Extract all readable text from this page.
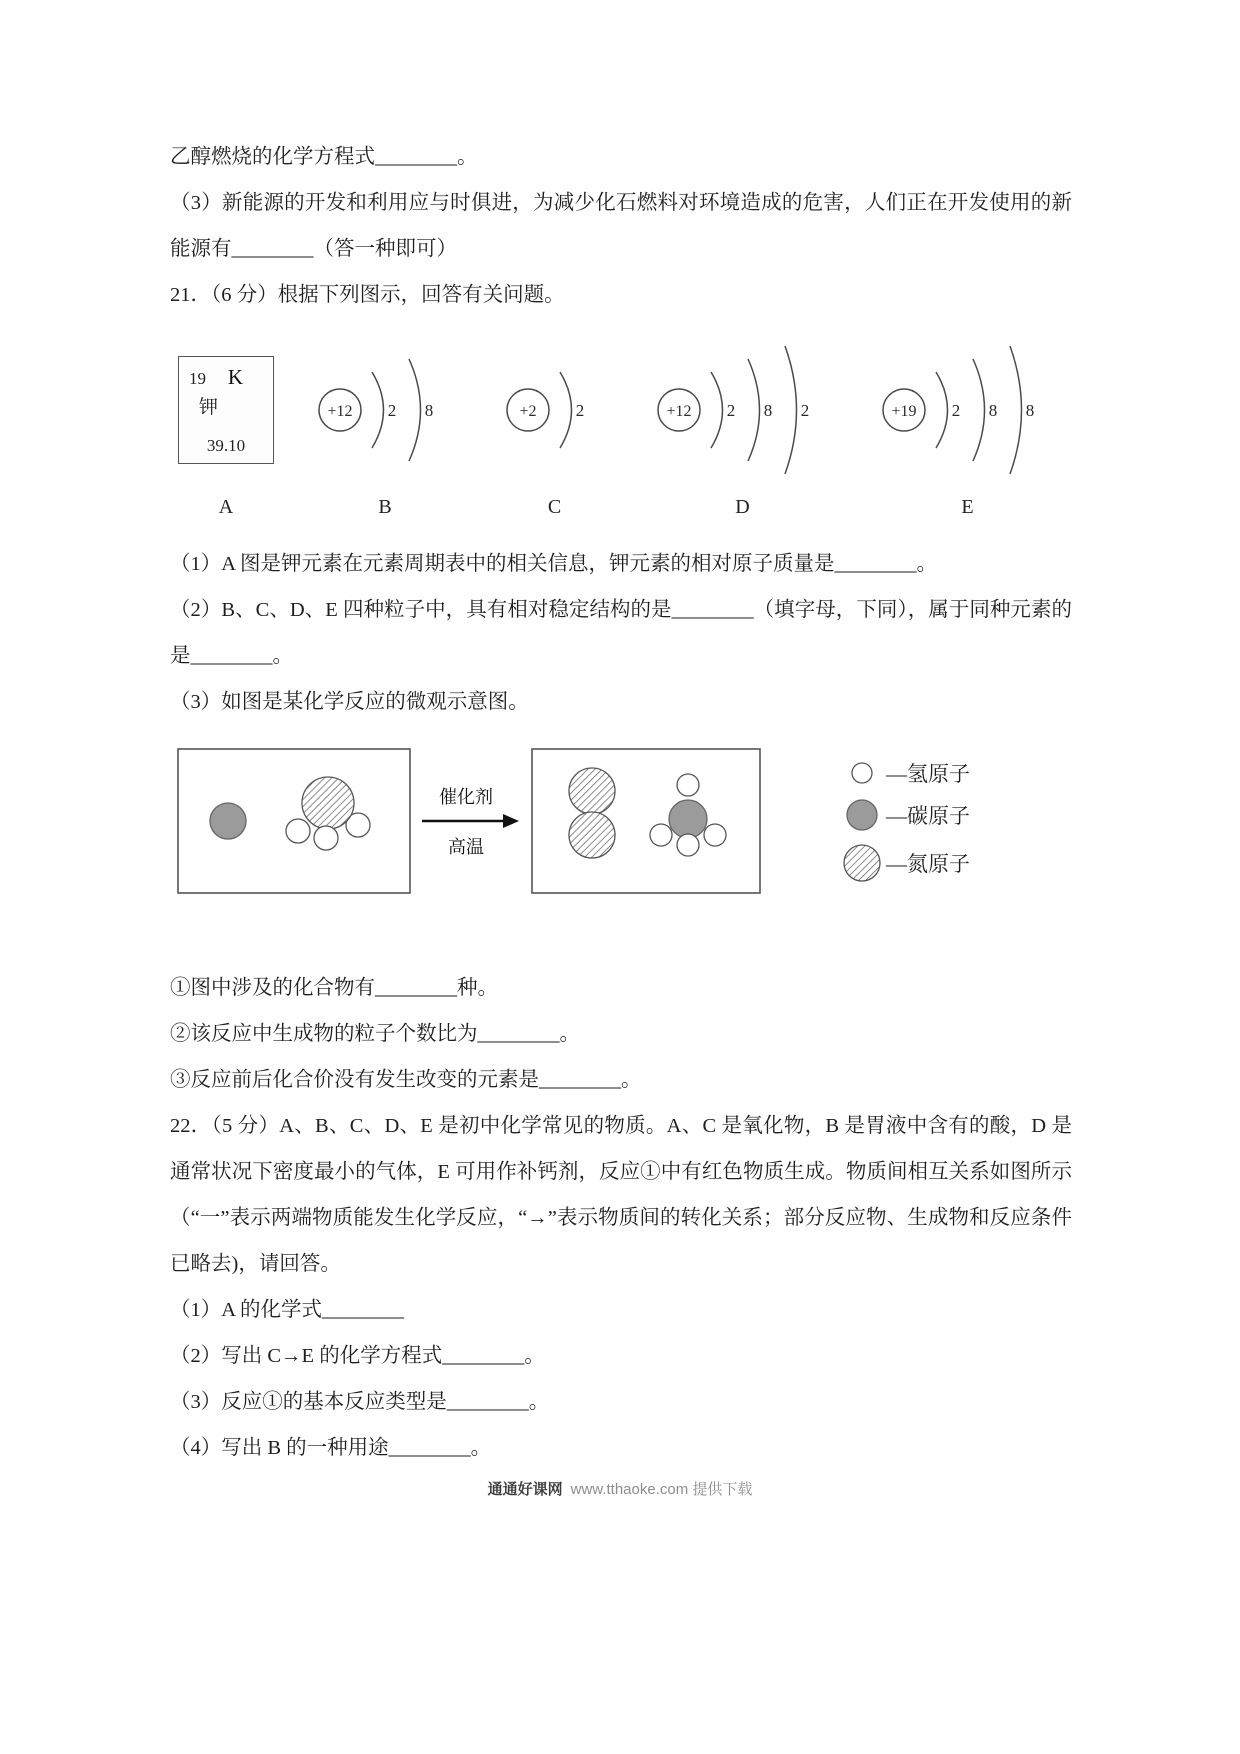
乙醇燃烧的化学方程式________。

（3）新能源的开发和利用应与时俱进，为减少化石燃料对环境造成的危害，人们正在开发使用的新能源有________（答一种即可）

21．（6 分）根据下列图示，回答有关问题。

19 K
钾
39.10
A
+12 2 8
B
+2 2
C
+12 2 8 2
D
+19 2 8 8
E

（1）A 图是钾元素在元素周期表中的相关信息，钾元素的相对原子质量是________。

（2）B、C、D、E 四种粒子中，具有相对稳定结构的是________（填字母，下同），属于同种元素的是________。

（3）如图是某化学反应的微观示意图。

催化剂
高温
—氢原子
—碳原子
—氮原子

①图中涉及的化合物有________种。

②该反应中生成物的粒子个数比为________。

③反应前后化合价没有发生改变的元素是________。

22．（5 分）A、B、C、D、E 是初中化学常见的物质。A、C 是氧化物，B 是胃液中含有的酸，D 是通常状况下密度最小的气体，E 可用作补钙剂，反应①中有红色物质生成。物质间相互关系如图所示（“一”表示两端物质能发生化学反应，“→”表示物质间的转化关系；部分反应物、生成物和反应条件已略去)，请回答。

（1）A 的化学式________

（2）写出 C→E 的化学方程式________。

（3）反应①的基本反应类型是________。

（4）写出 B 的一种用途________。

通通好课网 www.tthaoke.com 提供下载
